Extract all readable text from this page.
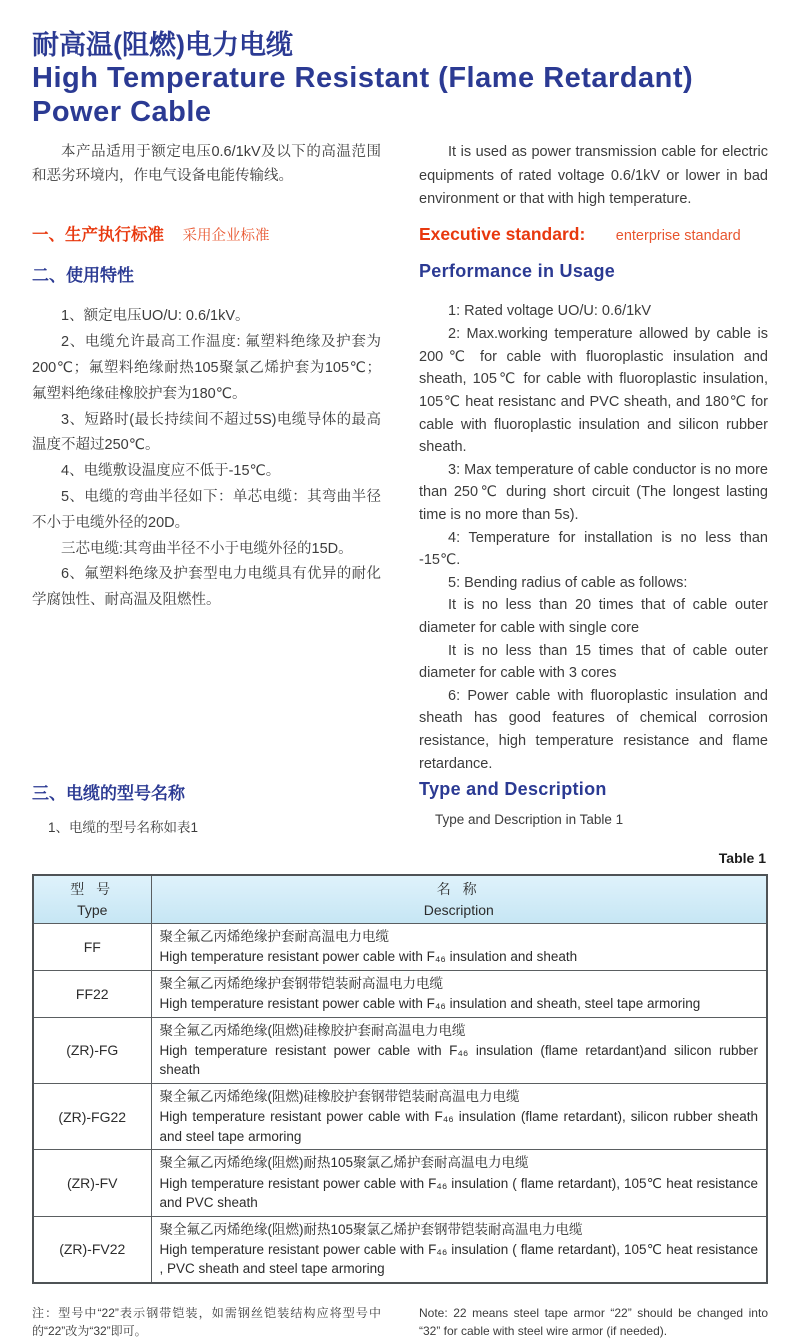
耐高温(阻燃)电力电缆
High Temperature Resistant (Flame Retardant)
Power Cable

本产品适用于额定电压0.6/1kV及以下的高温范围和恶劣环境内，作电气设备电能传输线。

It is used as power transmission cable for electric equipments of rated voltage 0.6/1kV or lower in bad environment or that with high temperature.

一、生产执行标准 采用企业标准	Executive standard: enterprise standard
二、使用特性

1、额定电压UO/U: 0.6/1kV。

2、电缆允许最高工作温度: 氟塑料绝缘及护套为200℃；氟塑料绝缘耐热105聚氯乙烯护套为105℃；氟塑料绝缘硅橡胶护套为180℃。

3、短路时(最长持续间不超过5S)电缆导体的最高温度不超过250℃。

4、电缆敷设温度应不低于-15℃。

5、电缆的弯曲半径如下：单芯电缆：其弯曲半径不小于电缆外径的20D。

三芯电缆:其弯曲半径不小于电缆外径的15D。

6、氟塑料绝缘及护套型电力电缆具有优异的耐化学腐蚀性、耐高温及阻燃性。

Performance in Usage

1: Rated voltage UO/U: 0.6/1kV

2: Max.working temperature allowed by cable is 200℃ for cable with fluoroplastic insulation and sheath, 105℃ for cable with fluoroplastic insulation, 105℃ heat resistanc and PVC sheath, and 180℃ for cable with fluoroplastic insulation and silicon rubber sheath.

3: Max temperature of cable conductor is no more than 250℃ during short circuit (The longest lasting time is no more than 5s).

4: Temperature for installation is no less than -15℃.

5: Bending radius of cable as follows:

It is no less than 20 times that of cable outer diameter for cable with single core

It is no less than 15 times that of cable outer diameter for cable with 3 cores

6: Power cable with fluoroplastic insulation and sheath has good features of chemical corrosion resistance, high temperature resistance and flame retardance.

三、电缆的型号名称

1、电缆的型号名称如表1

Type and Description

Type and Description in Table 1

Table 1
型 号
Type

名 称
Description

FF	聚全氟乙丙烯绝缘护套耐高温电力电缆
High temperature resistant power cable with F₄₆ insulation and sheath

FF22	聚全氟乙丙烯绝缘护套钢带铠装耐高温电力电缆
High temperature resistant power cable with F₄₆ insulation and sheath, steel tape armoring

(ZR)-FG	聚全氟乙丙烯绝缘(阻燃)硅橡胶护套耐高温电力电缆
High temperature resistant power cable with F₄₆ insulation (flame retardant)and silicon rubber sheath

(ZR)-FG22	聚全氟乙丙烯绝缘(阻燃)硅橡胶护套钢带铠装耐高温电力电缆
High temperature resistant power cable with F₄₆ insulation (flame retardant), silicon rubber sheath and steel tape armoring

(ZR)-FV	聚全氟乙丙烯绝缘(阻燃)耐热105聚氯乙烯护套耐高温电力电缆
High temperature resistant power cable with F₄₆ insulation ( flame retardant), 105℃ heat resistance and PVC sheath

(ZR)-FV22	聚全氟乙丙烯绝缘(阻燃)耐热105聚氯乙烯护套钢带铠装耐高温电力电缆
High temperature resistant power cable with F₄₆ insulation ( flame retardant), 105℃ heat resistance , PVC sheath and steel tape armoring

注：型号中“22”表示钢带铠装，如需钢丝铠装结构应将型号中的“22”改为“32”即可。

Note: 22 means steel tape armor “22” should be changed into “32” for cable with steel wire armor (if needed).
